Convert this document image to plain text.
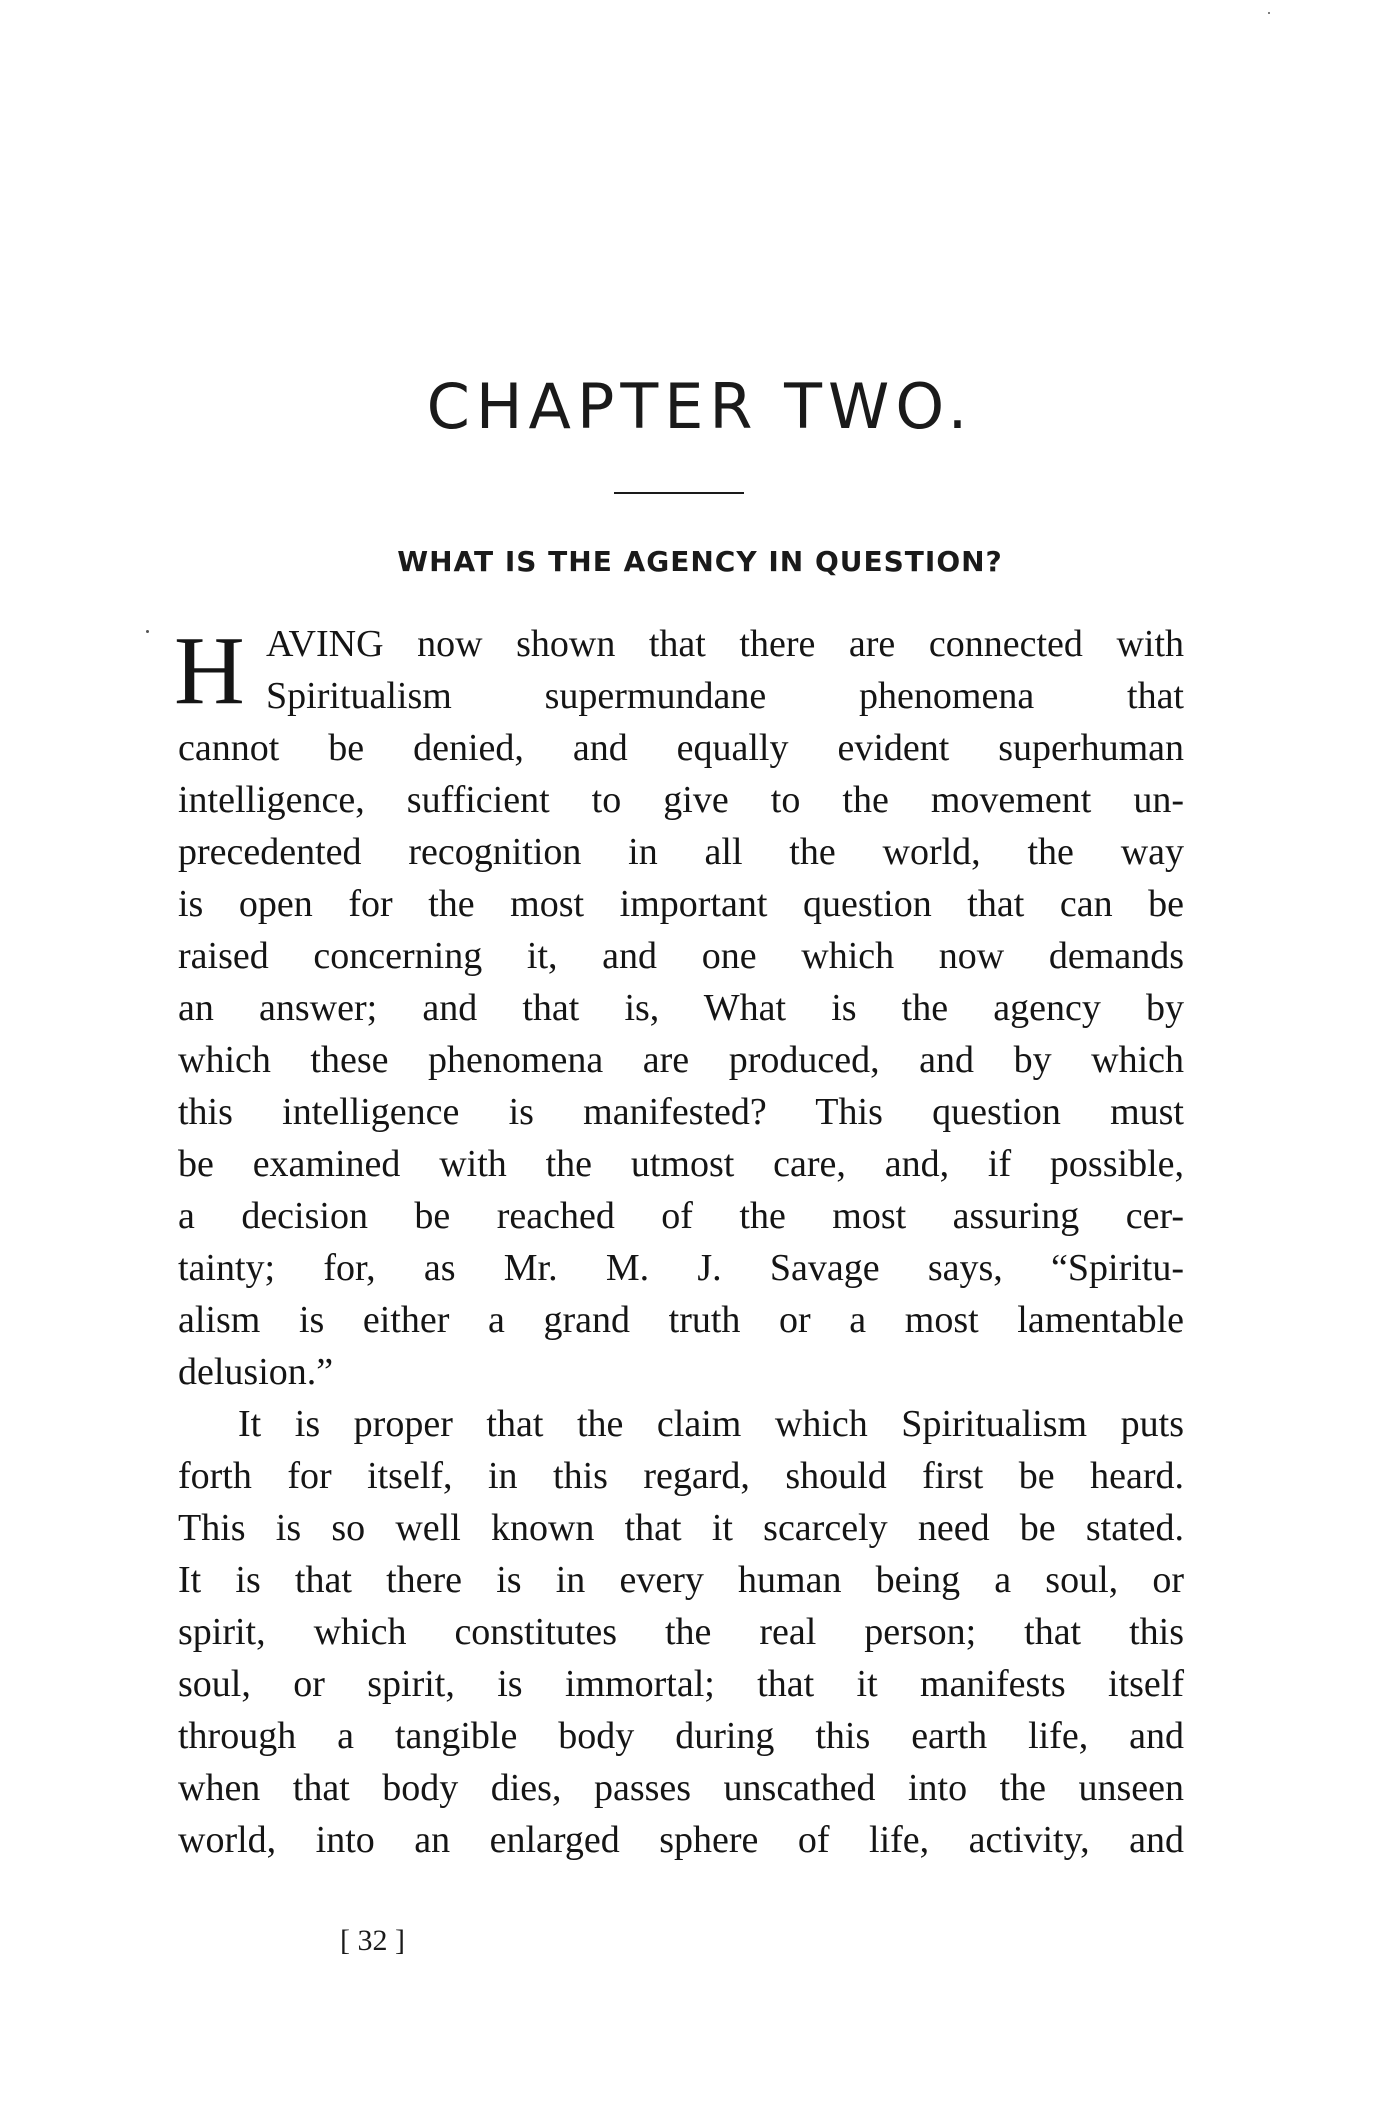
CHAPTER TWO.
WHAT IS THE AGENCY IN QUESTION?
H AVING now shown that there are connected with
Spiritualism supermundane phenomena that
cannot be denied, and equally evident superhuman
intelligence, sufficient to give to the movement un-
precedented recognition in all the world, the way
is open for the most important question that can be
raised concerning it, and one which now demands
an answer; and that is, What is the agency by
which these phenomena are produced, and by which
this intelligence is manifested? This question must
be examined with the utmost care, and, if possible,
a decision be reached of the most assuring cer-
tainty; for, as Mr. M. J. Savage says, “Spiritu-
alism is either a grand truth or a most lamentable
delusion.”
It is proper that the claim which Spiritualism puts
forth for itself, in this regard, should first be heard.
This is so well known that it scarcely need be stated.
It is that there is in every human being a soul, or
spirit, which constitutes the real person; that this
soul, or spirit, is immortal; that it manifests itself
through a tangible body during this earth life, and
when that body dies, passes unscathed into the unseen
world, into an enlarged sphere of life, activity, and
[ 32 ]
